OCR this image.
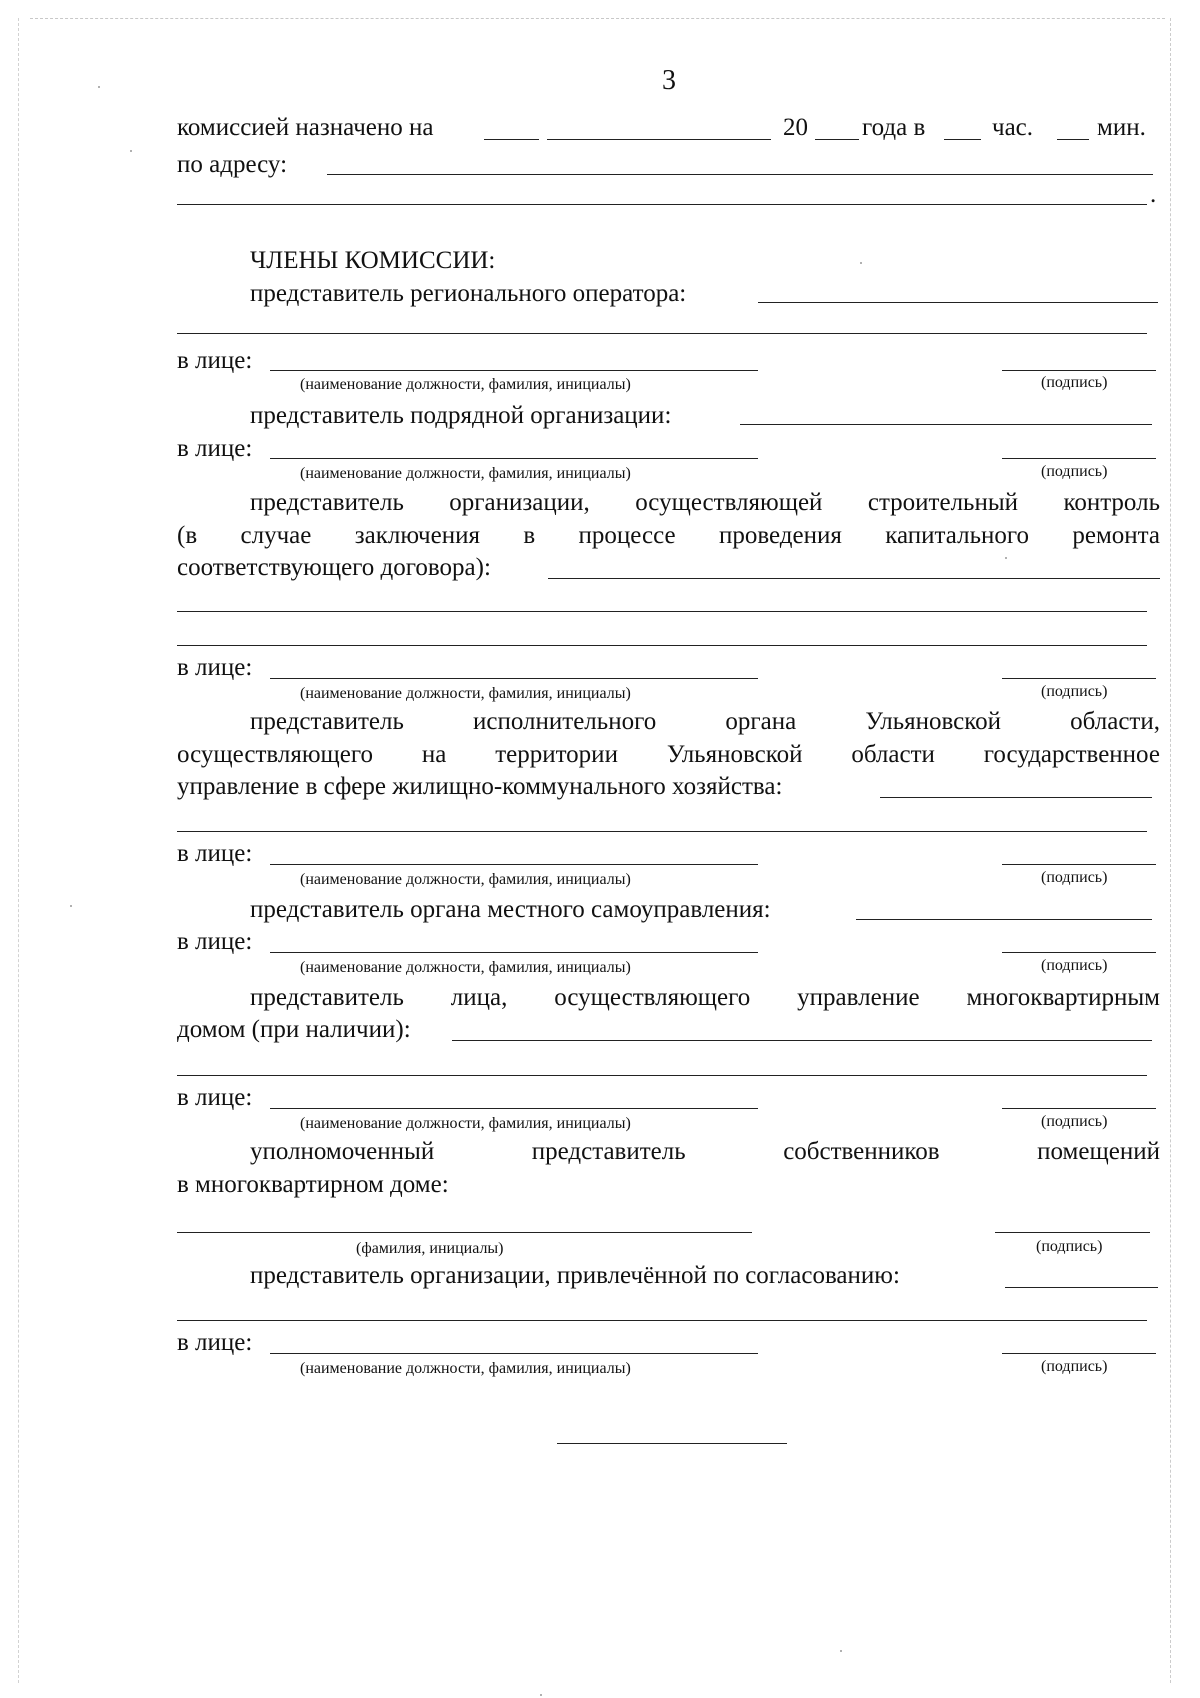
3
комиссией назначено на	20 года в	час.	мин.
по адресу:
.
ЧЛЕНЫ КОМИССИИ:
представитель регионального оператора:
в лице:
(наименование должности, фамилия, инициалы)	(подпись)
представитель подрядной организации:
в лице:
(наименование должности, фамилия, инициалы)	(подпись)
представитель организации, осуществляющей строительный контроль
(в случае заключения в процессе проведения капитального ремонта
соответствующего договора):
в лице:
(наименование должности, фамилия, инициалы)	(подпись)
представитель	исполнительного	органа	Ульяновской	области,
осуществляющего на территории Ульяновской области государственное
управление в сфере жилищно-коммунального хозяйства:
в лице:
(наименование должности, фамилия, инициалы)	(подпись)
представитель органа местного самоуправления:
в лице:
(наименование должности, фамилия, инициалы)	(подпись)
представитель лица, осуществляющего управление многоквартирным
домом (при наличии):
в лице:
(наименование должности, фамилия, инициалы)	(подпись)
уполномоченный	представитель	собственников	помещений
в многоквартирном доме:
(фамилия, инициалы)	(подпись)
представитель организации, привлечённой по согласованию:
в лице:
(наименование должности, фамилия, инициалы)	(подпись)
